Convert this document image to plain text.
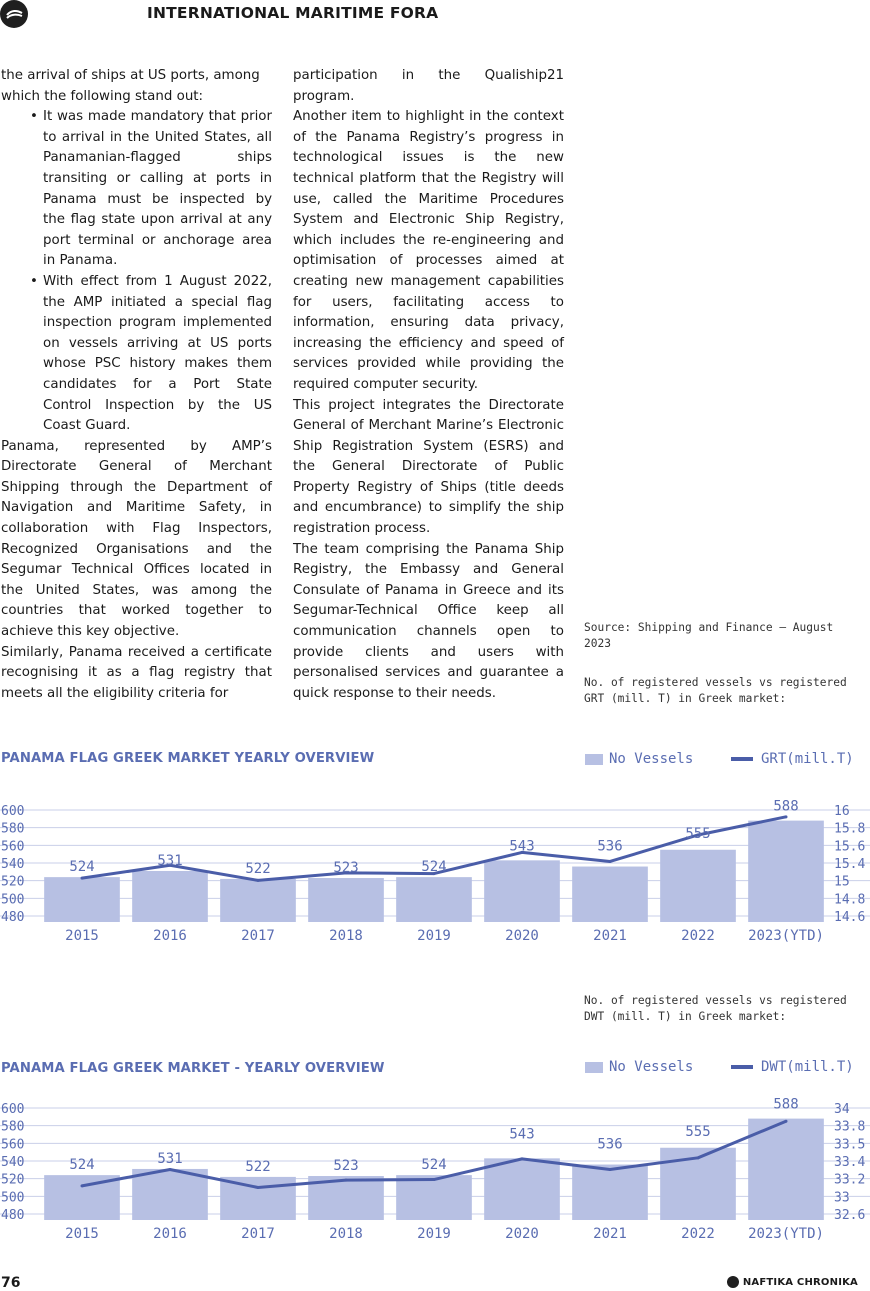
INTERNATIONAL MARITIME FORA

the arrival of ships at US ports, among which the following stand out:

• It was made mandatory that prior to arrival in the United States, all Panamanian-flagged ships transiting or calling at ports in Panama must be inspected by the flag state upon arrival at any port terminal or anchorage area in Panama.
• With effect from 1 August 2022, the AMP initiated a special flag inspection program implemented on vessels arriving at US ports whose PSC history makes them candidates for a Port State Control Inspection by the US Coast Guard.

Panama, represented by AMP’s Directorate General of Merchant Shipping through the Department of Navigation and Maritime Safety, in collaboration with Flag Inspectors, Recognized Organisations and the Segumar Technical Offices located in the United States, was among the countries that worked together to achieve this key objective.

Similarly, Panama received a certificate recognising it as a flag registry that meets all the eligibility criteria for

participation in the Qualiship21 program.

Another item to highlight in the context of the Panama Registry’s progress in technological issues is the new technical platform that the Registry will use, called the Maritime Procedures System and Electronic Ship Registry, which includes the re-engineering and optimisation of processes aimed at creating new management capabilities for users, facilitating access to information, ensuring data privacy, increasing the efficiency and speed of services provided while providing the required computer security.

This project integrates the Directorate General of Merchant Marine’s Electronic Ship Registration System (ESRS) and the General Directorate of Public Property Registry of Ships (title deeds and encumbrance) to simplify the ship registration process.

The team comprising the Panama Ship Registry, the Embassy and General Consulate of Panama in Greece and its Segumar-Technical Office keep all communication channels open to provide clients and users with personalised services and guarantee a quick response to their needs.

Source: Shipping and Finance — August 2023
No. of registered vessels vs registered GRT (mill. T) in Greek market:
No. of registered vessels vs registered DWT (mill. T) in Greek market:
PANAMA FLAG GREEK MARKET YEARLY OVERVIEW	No Vessels	GRT(mill.T)
600
580
560
540
520
500
480
16
15.8
15.6
15.4
15
14.8
14.6
2015	2016	2017	2018	2019	2020	2021	2022 2023(YTD)
524	531	522	523	524
543	536
555
588
PANAMA FLAG GREEK MARKET - YEARLY OVERVIEW	No Vessels	DWT(mill.T)
600
580
560
540
520
500
480
34
33.8
33.5
33.4
33.2
33
32.6
2015	2016	2017	2018	2019	2020	2021	2022 2023(YTD)
524	531	522	523	524
543
536
555
588
76	NAFTIKA CHRONIKA
